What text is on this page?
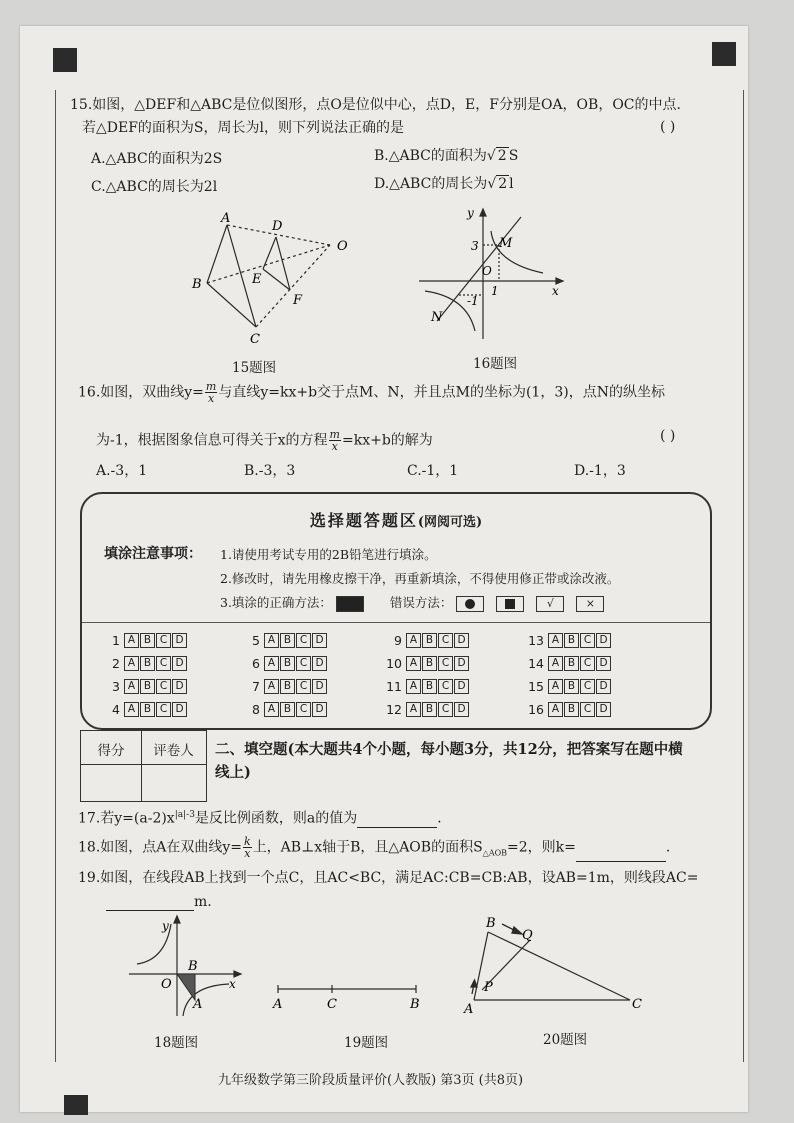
15.如图，△DEF和△ABC是位似图形，点O是位似中心，点D，E，F分别是OA，OB，OC的中点．
若△DEF的面积为S，周长为l，则下列说法正确的是	( )
A.△ABC的面积为2S	B.△ABC的面积为√ 2 S
C.△ABC的周长为2l	D.△ABC的周长为√ 2 l
A
B
C
D
E
F
O
15题图
y
x
3 M
O
1
-1
N
16题图
16.如图，双曲线$y= \frac{m}{x}$ 与直线y=kx+b交于点M、N，并且点M的坐标为(1，3)，点N的纵坐标
为-1，根据图象信息可得关于x的方程 $\frac{m}{x} =kx+b$的解为	( )
A.-3，1	B.-3，3	C.-1，1	D.-1，3
选择题答题区(网阅可选)
填涂注意事项： 1.请使用考试专用的2B铅笔进行填涂。
2.修改时，请先用橡皮擦干净，再重新填涂，不得使用修正带或涂改液。
3.填涂的正确方法：	错误方法：	√	×
1 A B C D
2 A B C D
3 A B C D
4 A B C D
5 A B C D
6 A B C D
7 A B C D
8 A B C D
9 A B C D
10 A B C D
11 A B C D
12 A B C D
13 A B C D
14 A B C D
15 A B C D
16 A B C D
得分	评卷人	二、填空题(本大题共4个小题，每小题3分，共12分，把答案写在题中横
线上)
17.若$y=(a-2)x^{|a|-3}$是反比例函数，则a的值为	．
18.如图，点A在双曲线$y= \frac{k}{x}$ 上，AB⊥x轴于B，且△AOB的面积$S_{\triangle AOB}=2$，则k=	.
19.如图，在线段AB上找到一个点C，且AC<BC，满足AC:CB=CB:AB，设AB=1m，则线段AC=
m.
y
x
O
B
A
18题图
A	C	B
19题图
B
Q
P
A	C
20题图
九年级数学第三阶段质量评价(人教版) 第3页 (共8页)
